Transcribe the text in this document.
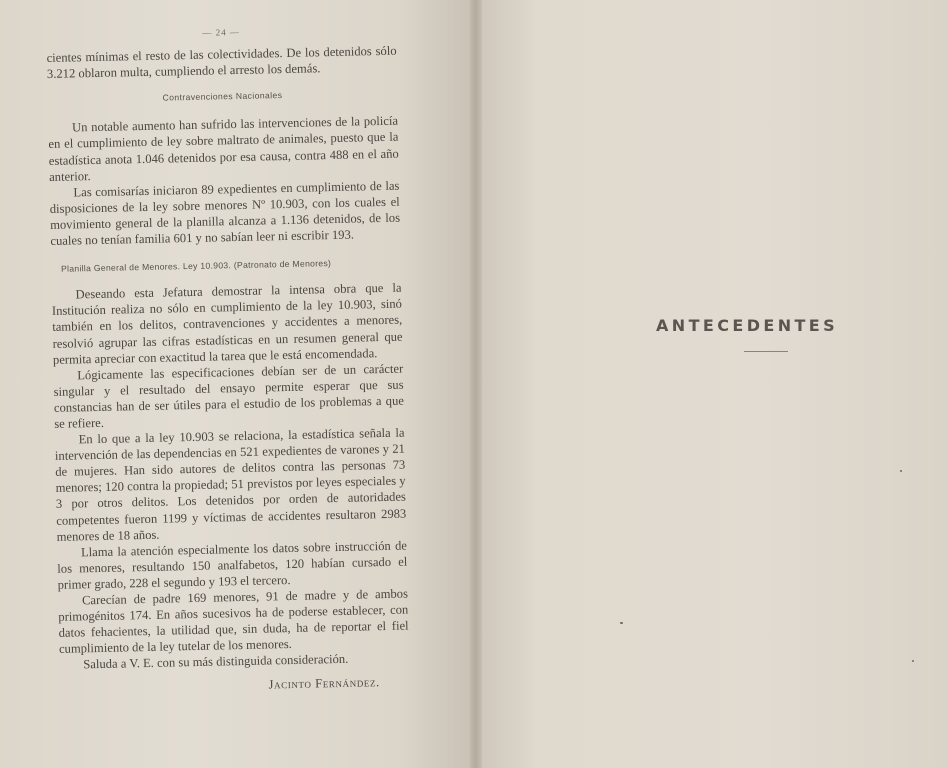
— 24 —

cientes mínimas el resto de las colectividades. De los detenidos sólo 3.212 oblaron multa, cumpliendo el arresto los demás.

Contravenciones Nacionales

Un notable aumento han sufrido las intervenciones de la policía en el cumplimiento de ley sobre maltrato de animales, puesto que la estadística anota 1.046 detenidos por esa causa, contra 488 en el año anterior.

Las comisarías iniciaron 89 expedientes en cumplimiento de las disposiciones de la ley sobre menores Nº 10.903, con los cuales el movimiento general de la planilla alcanza a 1.136 detenidos, de los cuales no tenían familia 601 y no sabían leer ni escribir 193.

Planilla General de Menores. Ley 10.903. (Patronato de Menores)

Deseando esta Jefatura demostrar la intensa obra que la Institución realiza no sólo en cumplimiento de la ley 10.903, sinó también en los delitos, contravenciones y accidentes a menores, resolvió agrupar las cifras estadísticas en un resumen general que permita apreciar con exactitud la tarea que le está encomendada.

Lógicamente las especificaciones debían ser de un carácter singular y el resultado del ensayo permite esperar que sus constancias han de ser útiles para el estudio de los problemas a que se refiere.

En lo que a la ley 10.903 se relaciona, la estadística señala la intervención de las dependencias en 521 expedientes de varones y 21 de mujeres. Han sido autores de delitos contra las personas 73 menores; 120 contra la propiedad; 51 previstos por leyes especiales y 3 por otros delitos. Los detenidos por orden de autoridades competentes fueron 1199 y víctimas de accidentes resultaron 2983 menores de 18 años.

Llama la atención especialmente los datos sobre instrucción de los menores, resultando 150 analfabetos, 120 habían cursado el primer grado, 228 el segundo y 193 el tercero.

Carecían de padre 169 menores, 91 de madre y de ambos primogénitos 174. En años sucesivos ha de poderse establecer, con datos fehacientes, la utilidad que, sin duda, ha de reportar el fiel cumplimiento de la ley tutelar de los menores.

Saluda a V. E. con su más distinguida consideración.

Jacinto Fernández.
ANTECEDENTES
